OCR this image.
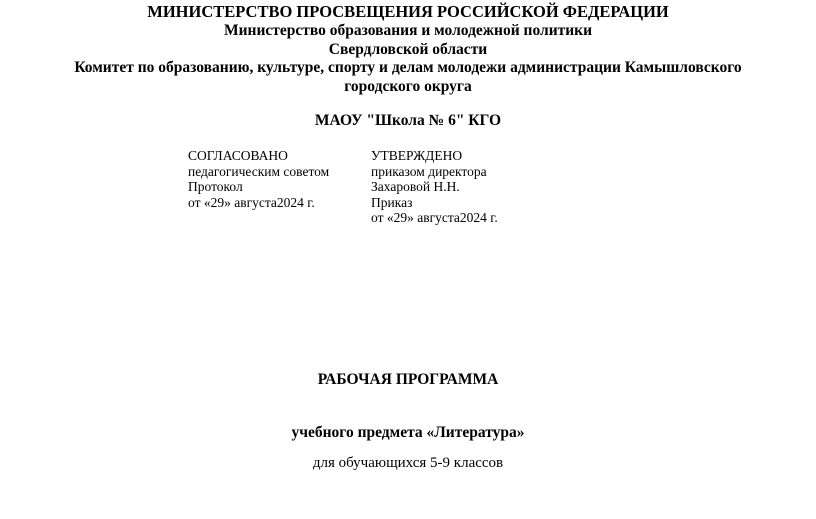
МИНИСТЕРСТВО ПРОСВЕЩЕНИЯ РОССИЙСКОЙ ФЕДЕРАЦИИ
Министерство образования и молодежной политики
Свердловской области
Комитет по образованию, культуре, спорту и делам молодежи администрации Камышловского
городского округа
МАОУ "Школа № 6" КГО
СОГЛАСОВАНО
педагогическим советом
Протокол
от «29» августа2024 г.
УТВЕРЖДЕНО
приказом директора
Захаровой Н.Н.
Приказ
от «29» августа2024 г.
РАБОЧАЯ ПРОГРАММА
учебного предмета «Литература»
для обучающихся 5-9 классов
